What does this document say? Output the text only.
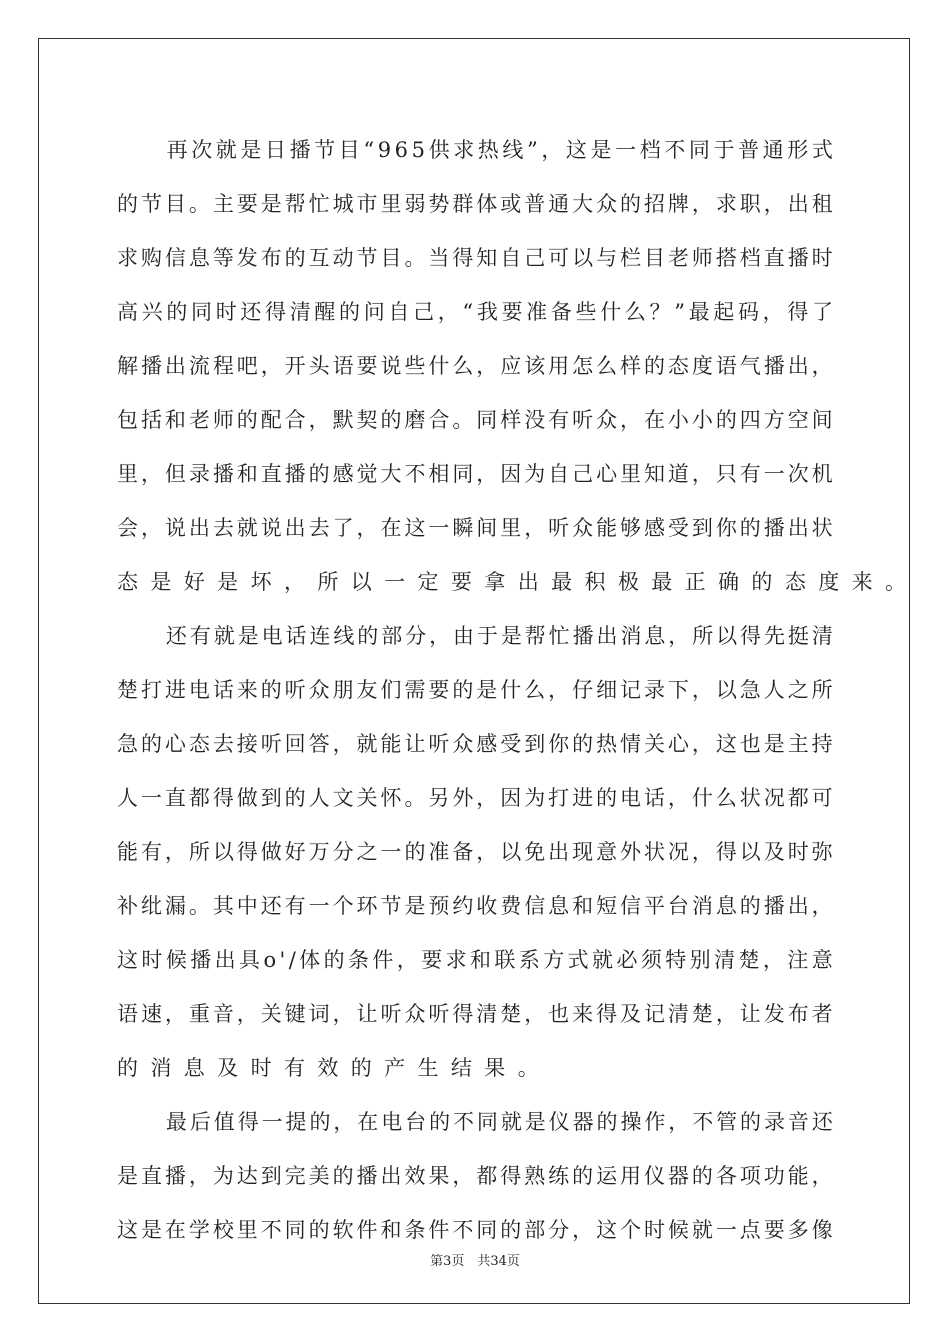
再 次 就 是 日 播 节 目 “ 9 6 5 供 求 热 线 ” ， 这 是 一 档 不 同 于 普 通 形 式
的 节 目 。 主 要 是 帮 忙 城 市 里 弱 势 群 体 或 普 通 大 众 的 招 牌 ， 求 职 ， 出 租
求 购 信 息 等 发 布 的 互 动 节 目 。 当 得 知 自 己 可 以 与 栏 目 老 师 搭 档 直 播 时
高 兴 的 同 时 还 得 清 醒 的 问 自 己 ， “ 我 要 准 备 些 什 么 ？ ” 最 起 码 ， 得 了
解 播 出 流 程 吧 ， 开 头 语 要 说 些 什 么 ， 应 该 用 怎 么 样 的 态 度 语 气 播 出 ，
包 括 和 老 师 的 配 合 ， 默 契 的 磨 合 。 同 样 没 有 听 众 ， 在 小 小 的 四 方 空 间
里 ， 但 录 播 和 直 播 的 感 觉 大 不 相 同 ， 因 为 自 己 心 里 知 道 ， 只 有 一 次 机
会 ， 说 出 去 就 说 出 去 了 ， 在 这 一 瞬 间 里 ， 听 众 能 够 感 受 到 你 的 播 出 状
态 是 好 是 坏 ， 所 以 一 定 要 拿 出 最 积 极 最 正 确 的 态 度 来 。
还 有 就 是 电 话 连 线 的 部 分 ， 由 于 是 帮 忙 播 出 消 息 ， 所 以 得 先 挺 清
楚 打 进 电 话 来 的 听 众 朋 友 们 需 要 的 是 什 么 ， 仔 细 记 录 下 ， 以 急 人 之 所
急 的 心 态 去 接 听 回 答 ， 就 能 让 听 众 感 受 到 你 的 热 情 关 心 ， 这 也 是 主 持
人 一 直 都 得 做 到 的 人 文 关 怀 。 另 外 ， 因 为 打 进 的 电 话 ， 什 么 状 况 都 可
能 有 ， 所 以 得 做 好 万 分 之 一 的 准 备 ， 以 免 出 现 意 外 状 况 ， 得 以 及 时 弥
补 纰 漏 。 其 中 还 有 一 个 环 节 是 预 约 收 费 信 息 和 短 信 平 台 消 息 的 播 出 ，
这 时 候 播 出 具 o ' / 体 的 条 件 ， 要 求 和 联 系 方 式 就 必 须 特 别 清 楚 ， 注 意
语 速 ， 重 音 ， 关 键 词 ， 让 听 众 听 得 清 楚 ， 也 来 得 及 记 清 楚 ， 让 发 布 者
的 消 息 及 时 有 效 的 产 生 结 果 。
最 后 值 得 一 提 的 ， 在 电 台 的 不 同 就 是 仪 器 的 操 作 ， 不 管 的 录 音 还
是 直 播 ， 为 达 到 完 美 的 播 出 效 果 ， 都 得 熟 练 的 运 用 仪 器 的 各 项 功 能 ，
这 是 在 学 校 里 不 同 的 软 件 和 条 件 不 同 的 部 分 ， 这 个 时 候 就 一 点 要 多 像
第3页　共34页
